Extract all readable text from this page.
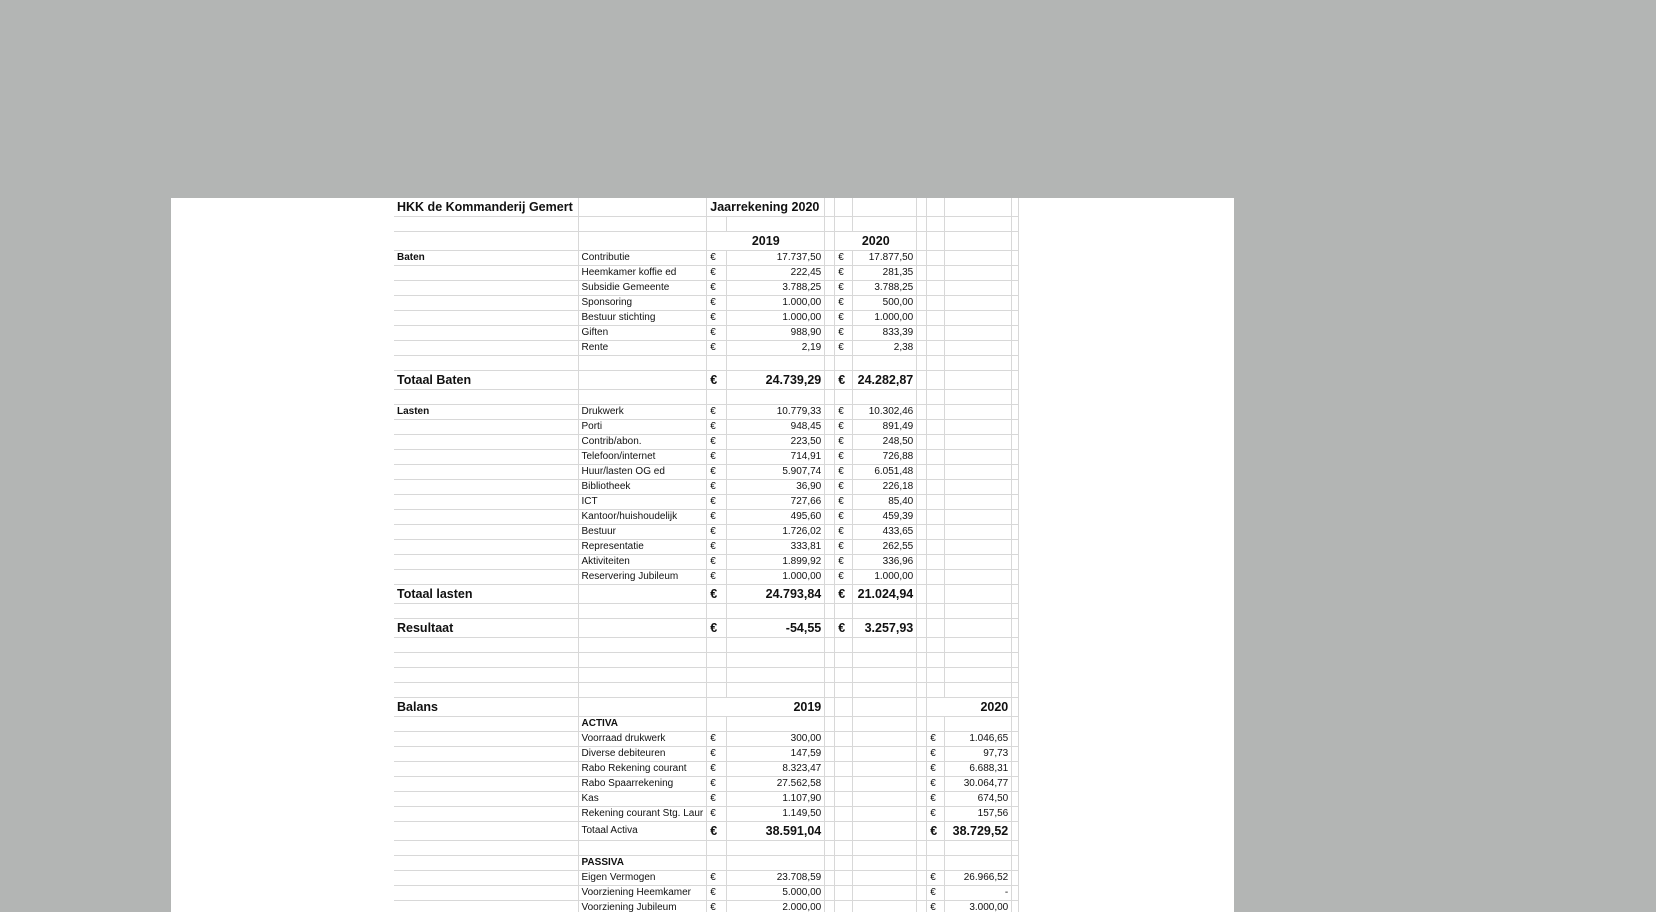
HKK de Kommanderij Gemert		Jaarrekening 2020								

		2019			2020					
Baten	Contributie	€	17.737,50		€	17.877,50				
	Heemkamer koffie ed	€	222,45		€	281,35				
	Subsidie Gemeente	€	3.788,25		€	3.788,25				
	Sponsoring	€	1.000,00		€	500,00				
	Bestuur stichting	€	1.000,00		€	1.000,00				
	Giften	€	988,90		€	833,39				
	Rente	€	2,19		€	2,38				

Totaal Baten		€	24.739,29		€	24.282,87				

Lasten	Drukwerk	€	10.779,33		€	10.302,46				
	Porti	€	948,45		€	891,49				
	Contrib/abon.	€	223,50		€	248,50				
	Telefoon/internet	€	714,91		€	726,88				
	Huur/lasten OG ed	€	5.907,74		€	6.051,48				
	Bibliotheek	€	36,90		€	226,18				
	ICT	€	727,66		€	85,40				
	Kantoor/huishoudelijk	€	495,60		€	459,39				
	Bestuur	€	1.726,02		€	433,65				
	Representatie	€	333,81		€	262,55				
	Aktiviteiten	€	1.899,92		€	336,96				
	Reservering Jubileum	€	1.000,00		€	1.000,00				
Totaal lasten		€	24.793,84		€	21.024,94				

Resultaat		€	-54,55		€	3.257,93				

Balans		2019						2020		
	ACTIVA									
	Voorraad drukwerk	€	300,00					€	1.046,65	
	Diverse debiteuren	€	147,59					€	97,73	
	Rabo Rekening courant	€	8.323,47					€	6.688,31	
	Rabo Spaarrekening	€	27.562,58					€	30.064,77	
	Kas	€	1.107,90					€	674,50	
	Rekening courant Stg. Laur	€	1.149,50					€	157,56	
	Totaal Activa	€	38.591,04					€	38.729,52	

	PASSIVA									
	Eigen Vermogen	€	23.708,59					€	26.966,52	
	Voorziening Heemkamer	€	5.000,00					€	-	
	Voorziening Jubileum	€	2.000,00					€	3.000,00	
